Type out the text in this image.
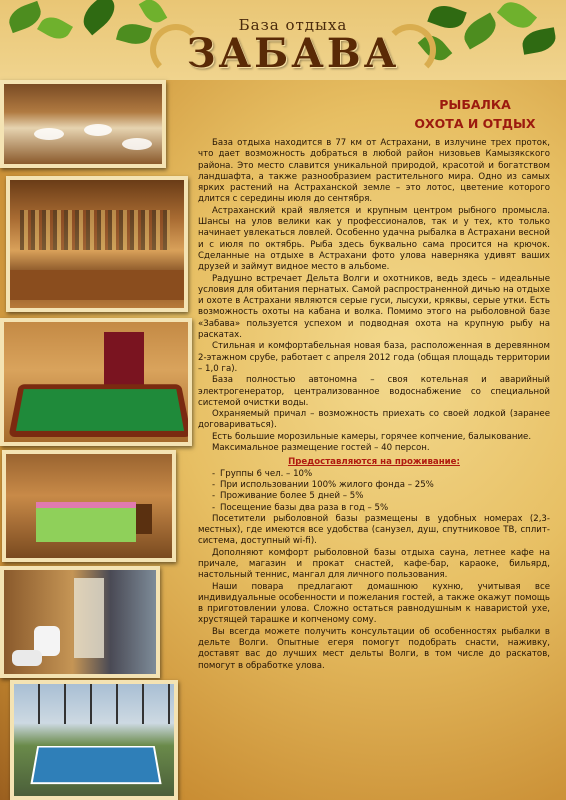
База отдыха
ЗАБАВА
РЫБАЛКА
ОХОТА И ОТДЫХ

База отдыха находится в 77 км от Астрахани, в излучине трех проток, что дает возможность добраться в любой район низовьев Камызякского района. Это место славится уникальной природой, красотой и богатством ландшафта, а также разнообразием растительного мира. Одно из самых ярких растений на Астраханской земле – это лотос, цветение которого длится с середины июля до сентября.

Астраханский край является и крупным центром рыбного промысла. Шансы на улов велики как у профессионалов, так и у тех, кто только начинает увлекаться ловлей. Особенно удачна рыбалка в Астрахани весной и с июля по октябрь. Рыба здесь буквально сама просится на крючок. Сделанные на отдыхе в Астрахани фото улова наверняка удивят ваших друзей и займут видное место в альбоме.

Радушно встречает Дельта Волги и охотников, ведь здесь – идеальные условия для обитания пернатых. Самой распространенной дичью на отдыхе и охоте в Астрахани являются серые гуси, лысухи, кряквы, серые утки. Есть возможность охоты на кабана и волка. Помимо этого на рыболовной базе «Забава» пользуется успехом и подводная охота на крупную рыбу на раскатах.

Стильная и комфортабельная новая база, расположенная в деревянном 2-этажном срубе, работает с апреля 2012 года (общая площадь территории – 1,0 га).

База полностью автономна – своя котельная и аварийный электрогенератор, централизованное водоснабжение со специальной системой очистки воды.

Охраняемый причал – возможность приехать со своей лодкой (заранее договариваться).

Есть большие морозильные камеры, горячее копчение, балыкование.

Максимальное размещение гостей – 40 персон.

Предоставляются на проживание:

- Группы 6 чел. – 10%
- При использовании 100% жилого фонда – 25%
- Проживание более 5 дней – 5%
- Посещение базы два раза в год – 5%

Посетители рыболовной базы размещены в удобных номерах (2,3-местных), где имеются все удобства (санузел, душ, спутниковое ТВ, сплит-система, доступный wi-fi).

Дополняют комфорт рыболовной базы отдыха сауна, летнее кафе на причале, магазин и прокат снастей, кафе-бар, караоке, бильярд, настольный теннис, мангал для личного пользования.

Наши повара предлагают домашнюю кухню, учитывая все индивидуальные особенности и пожелания гостей, а также окажут помощь в приготовлении улова. Сложно остаться равнодушным к наваристой ухе, хрустящей тарашке и копченому сому.

Вы всегда можете получить консультации об особенностях рыбалки в дельте Волги. Опытные егеря помогут подобрать снасти, наживку, доставят вас до лучших мест дельты Волги, в том числе до раскатов, помогут в обработке улова.
